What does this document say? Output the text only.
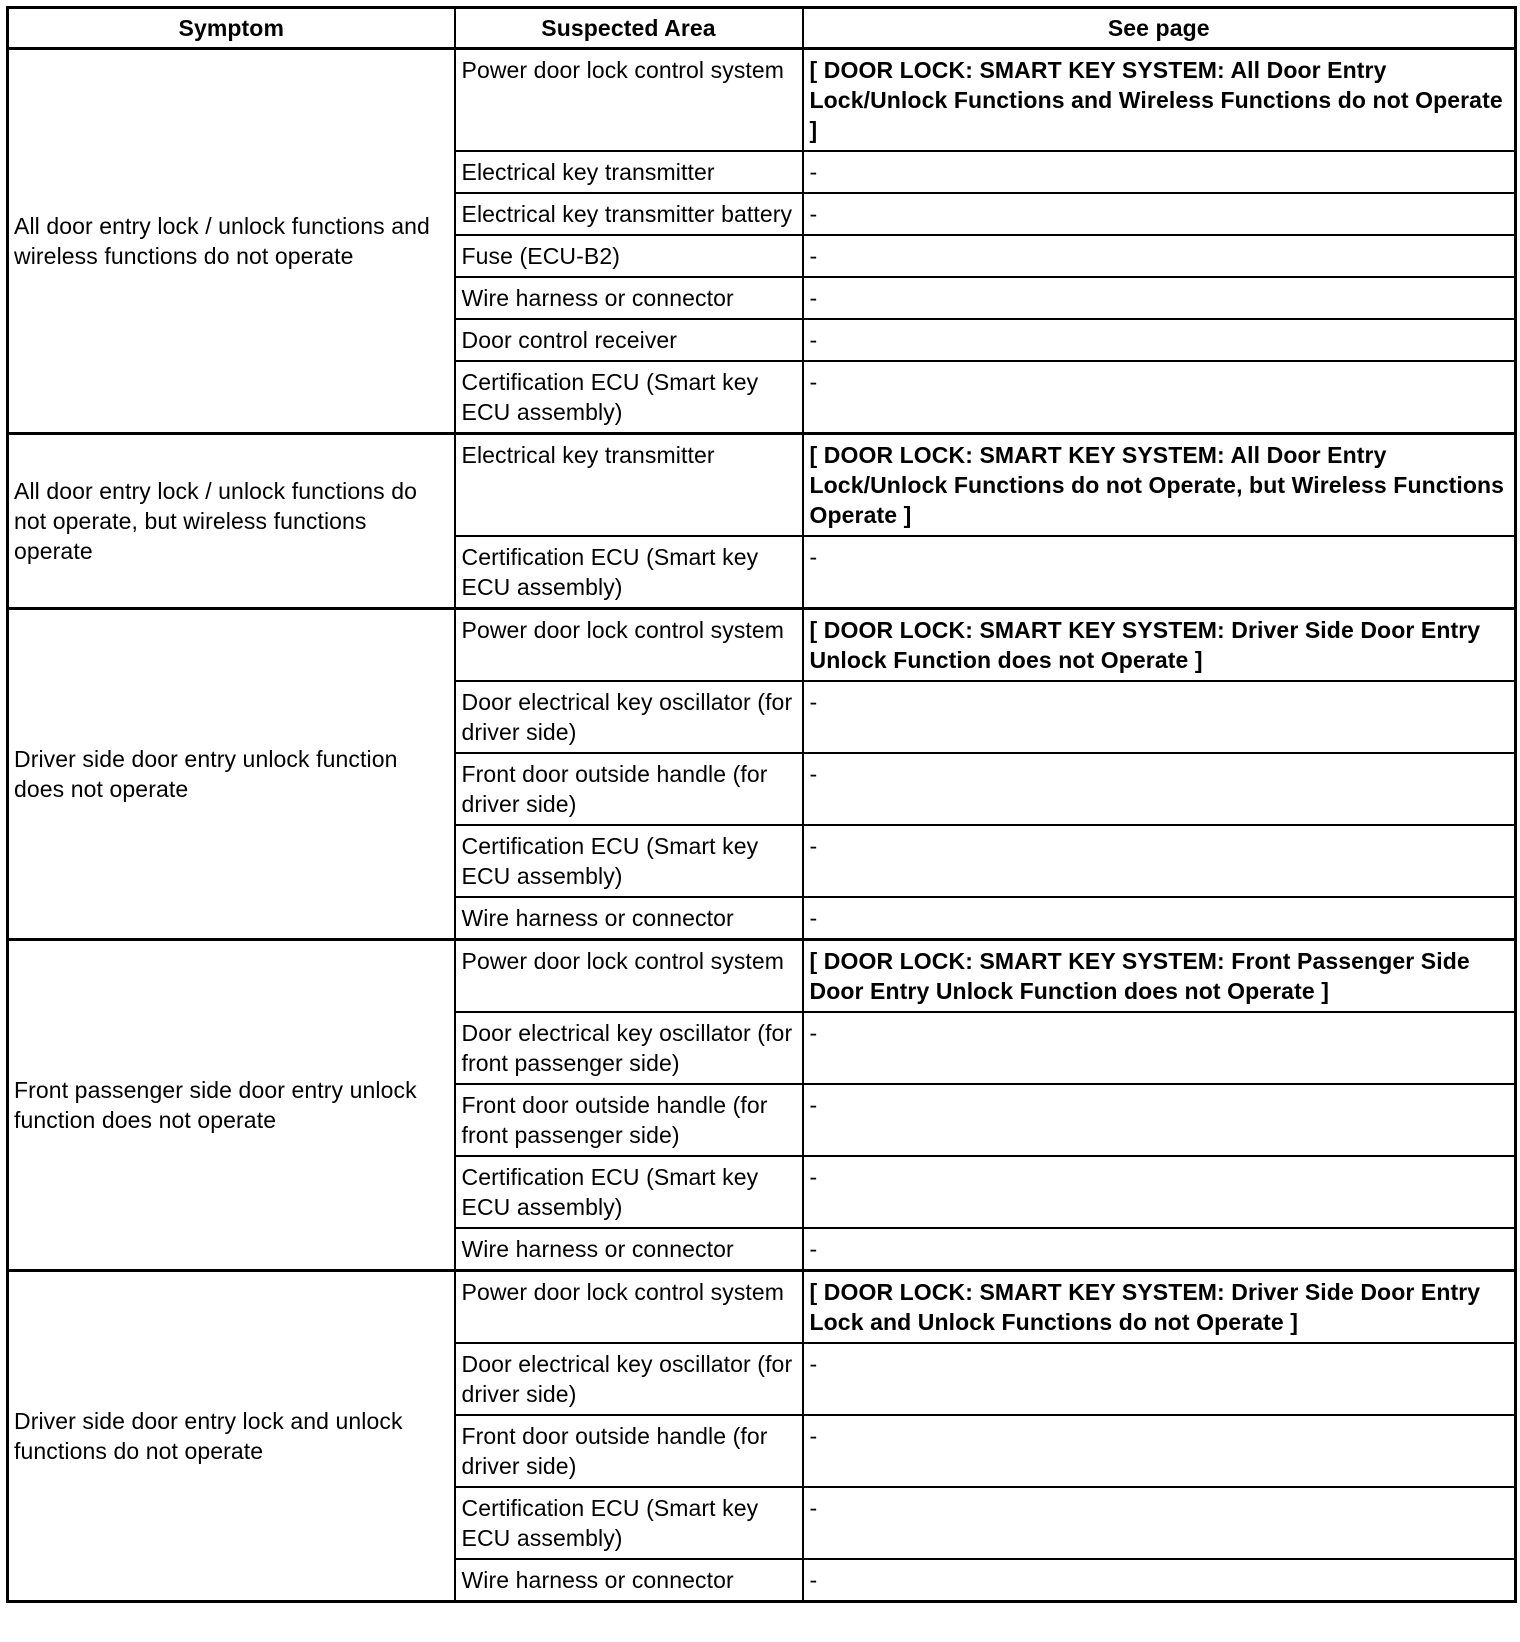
Symptom	Suspected Area	See page
All door entry lock / unlock functions and wireless functions do not operate	Power door lock control system	[ DOOR LOCK: SMART KEY SYSTEM: All Door Entry Lock/Unlock Functions and Wireless Functions do not Operate ]
	Electrical key transmitter	-
	Electrical key transmitter battery	-
	Fuse (ECU-B2)	-
	Wire harness or connector	-
	Door control receiver	-
	Certification ECU (Smart key ECU assembly)	-
All door entry lock / unlock functions do not operate, but wireless functions operate	Electrical key transmitter	[ DOOR LOCK: SMART KEY SYSTEM: All Door Entry Lock/Unlock Functions do not Operate, but Wireless Functions Operate ]
	Certification ECU (Smart key ECU assembly)	-
Driver side door entry unlock function does not operate	Power door lock control system	[ DOOR LOCK: SMART KEY SYSTEM: Driver Side Door Entry Unlock Function does not Operate ]
	Door electrical key oscillator (for driver side)	-
	Front door outside handle (for driver side)	-
	Certification ECU (Smart key ECU assembly)	-
	Wire harness or connector	-
Front passenger side door entry unlock function does not operate	Power door lock control system	[ DOOR LOCK: SMART KEY SYSTEM: Front Passenger Side Door Entry Unlock Function does not Operate ]
	Door electrical key oscillator (for front passenger side)	-
	Front door outside handle (for front passenger side)	-
	Certification ECU (Smart key ECU assembly)	-
	Wire harness or connector	-
Driver side door entry lock and unlock functions do not operate	Power door lock control system	[ DOOR LOCK: SMART KEY SYSTEM: Driver Side Door Entry Lock and Unlock Functions do not Operate ]
	Door electrical key oscillator (for driver side)	-
	Front door outside handle (for driver side)	-
	Certification ECU (Smart key ECU assembly)	-
	Wire harness or connector	-
